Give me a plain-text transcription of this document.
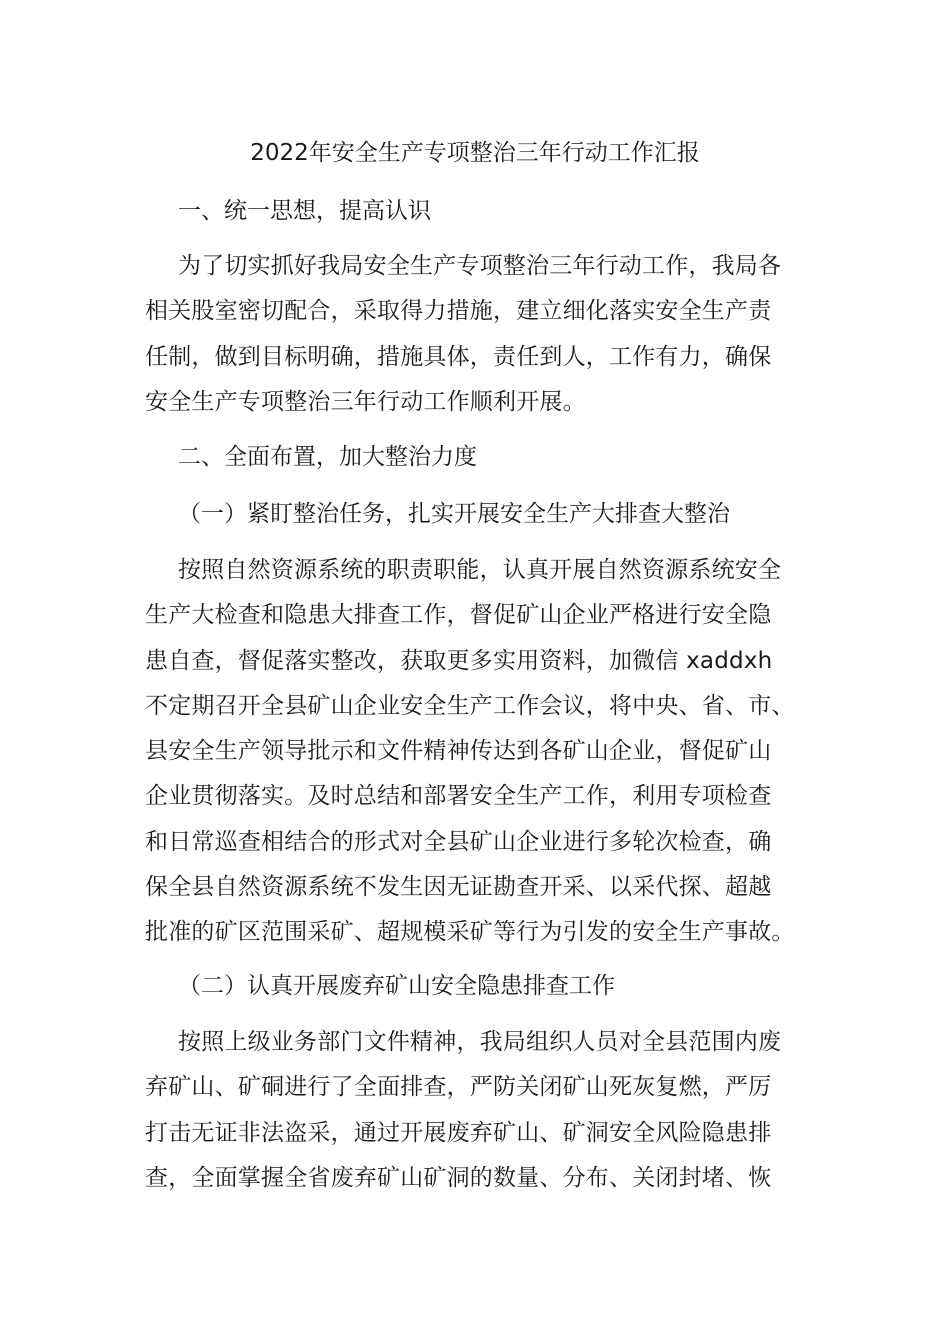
2022年安全生产专项整治三年行动工作汇报
一、统一思想，提高认识
为了切实抓好我局安全生产专项整治三年行动工作，我局各
相关股室密切配合，采取得力措施，建立细化落实安全生产责
任制，做到目标明确，措施具体，责任到人，工作有力，确保
安全生产专项整治三年行动工作顺利开展。
二、全面布置，加大整治力度
（一）紧盯整治任务，扎实开展安全生产大排查大整治
按照自然资源系统的职责职能，认真开展自然资源系统安全
生产大检查和隐患大排查工作，督促矿山企业严格进行安全隐
患自查，督促落实整改，获取更多实用资料，加微信 xaddxh
不定期召开全县矿山企业安全生产工作会议，将中央、省、市、
县安全生产领导批示和文件精神传达到各矿山企业，督促矿山
企业贯彻落实。及时总结和部署安全生产工作，利用专项检查
和日常巡查相结合的形式对全县矿山企业进行多轮次检查，确
保全县自然资源系统不发生因无证勘查开采、以采代探、超越
批准的矿区范围采矿、超规模采矿等行为引发的安全生产事故。
（二）认真开展废弃矿山安全隐患排查工作
按照上级业务部门文件精神，我局组织人员对全县范围内废
弃矿山、矿硐进行了全面排查，严防关闭矿山死灰复燃，严厉
打击无证非法盗采，通过开展废弃矿山、矿洞安全风险隐患排
查，全面掌握全省废弃矿山矿洞的数量、分布、关闭封堵、恢
